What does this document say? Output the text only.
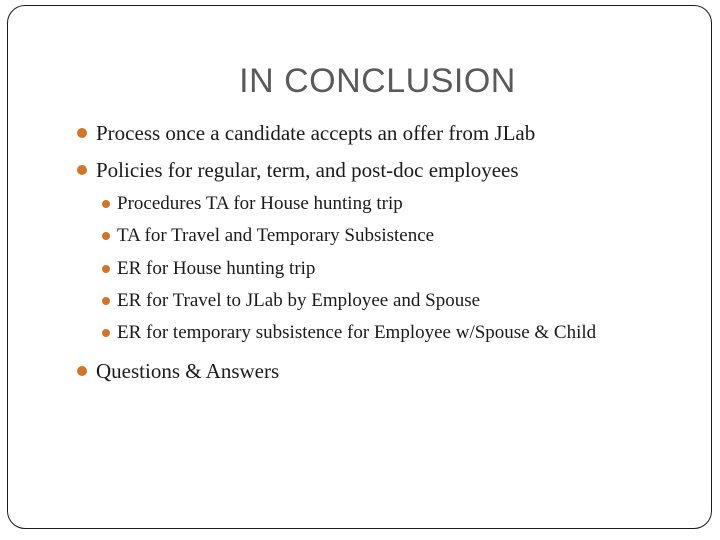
IN CONCLUSION
Process once a candidate accepts an offer from JLab
Policies for regular, term, and post-doc employees
Procedures TA for House hunting trip
TA for Travel and Temporary Subsistence
ER for House hunting trip
ER for Travel to JLab by Employee and Spouse
ER for temporary subsistence for Employee w/Spouse & Child
Questions & Answers
